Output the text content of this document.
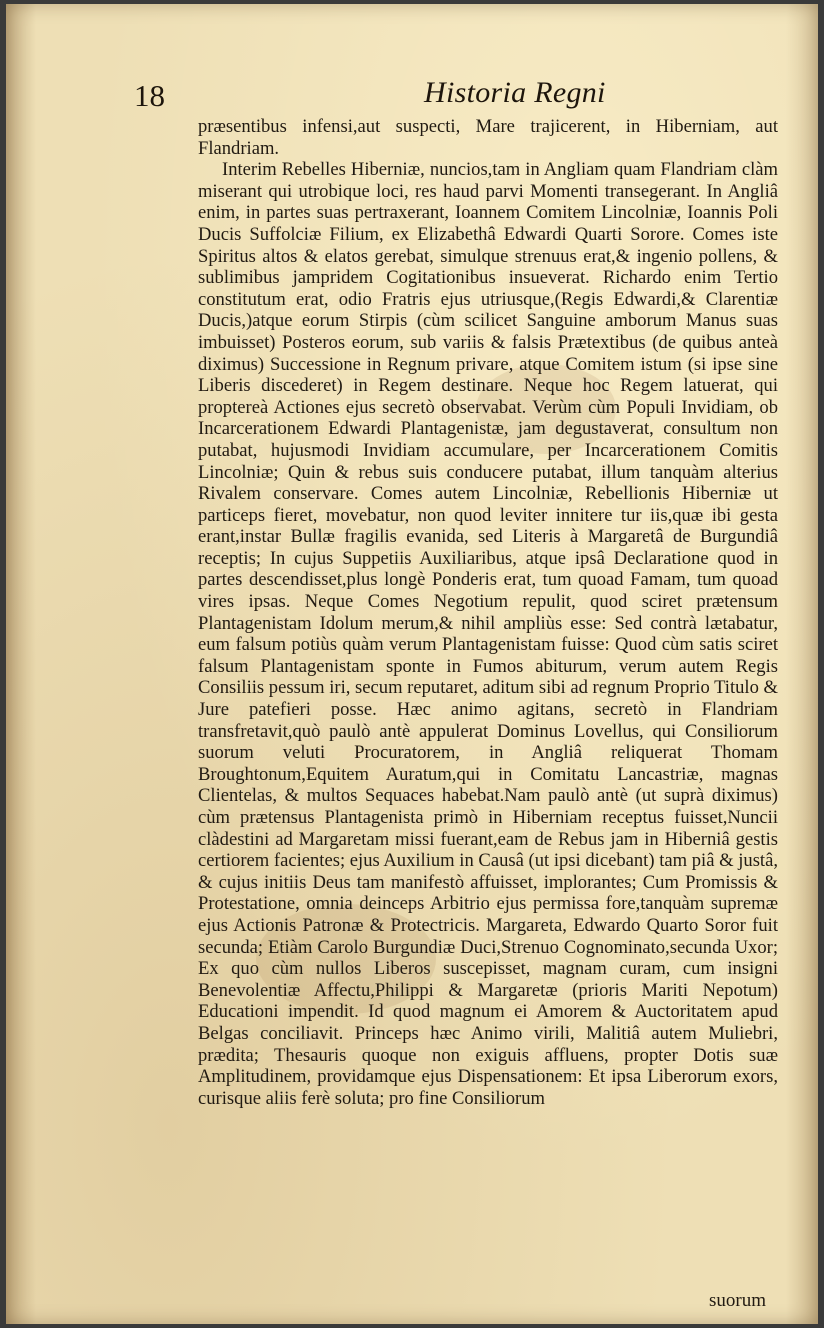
18	Historia Regni

præsentibus infensi,aut suspecti, Mare trajicerent, in Hiberniam, aut Flandriam.

Interim Rebelles Hiberniæ, nuncios,tam in Angliam quam Flandriam clàm miserant qui utrobique loci, res haud parvi Momenti transegerant. In Angliâ enim, in partes suas pertraxerant, Ioannem Comitem Lincolniæ, Ioannis Poli Ducis Suffolciæ Filium, ex Elizabethâ Edwardi Quarti Sorore. Comes iste Spiritus altos & elatos gerebat, simulque strenuus erat,& ingenio pollens, & sublimibus jampridem Cogitationibus insueverat. Richardo enim Tertio constitutum erat, odio Fratris ejus utriusque,(Regis Edwardi,& Clarentiæ Ducis,)atque eorum Stirpis (cùm scilicet Sanguine amborum Manus suas imbuisset) Posteros eorum, sub variis & falsis Prætextibus (de quibus anteà diximus) Successione in Regnum privare, atque Comitem istum (si ipse sine Liberis discederet) in Regem destinare. Neque hoc Regem latuerat, qui proptereà Actiones ejus secretò observabat. Verùm cùm Populi Invidiam, ob Incarcerationem Edwardi Plantagenistæ, jam degustaverat, consultum non putabat, hujusmodi Invidiam accumulare, per Incarcerationem Comitis Lincolniæ; Quin & rebus suis conducere putabat, illum tanquàm alterius Rivalem conservare. Comes autem Lincolniæ, Rebellionis Hiberniæ ut particeps fieret, movebatur, non quod leviter innitere tur iis,quæ ibi gesta erant,instar Bullæ fragilis evanida, sed Literis à Margaretâ de Burgundiâ receptis; In cujus Suppetiis Auxiliaribus, atque ipsâ Declaratione quod in partes descendisset,plus longè Ponderis erat, tum quoad Famam, tum quoad vires ipsas. Neque Comes Negotium repulit, quod sciret prætensum Plantagenistam Idolum merum,& nihil ampliùs esse: Sed contrà lætabatur, eum falsum potiùs quàm verum Plantagenistam fuisse: Quod cùm satis sciret falsum Plantagenistam sponte in Fumos abiturum, verum autem Regis Consiliis pessum iri, secum reputaret, aditum sibi ad regnum Proprio Titulo & Jure patefieri posse. Hæc animo agitans, secretò in Flandriam transfretavit,quò paulò antè appulerat Dominus Lovellus, qui Consiliorum suorum veluti Procuratorem, in Angliâ reliquerat Thomam Broughtonum,Equitem Auratum,qui in Comitatu Lancastriæ, magnas Clientelas, & multos Sequaces habebat.Nam paulò antè (ut suprà diximus) cùm prætensus Plantagenista primò in Hiberniam receptus fuisset,Nuncii clàdestini ad Margaretam missi fuerant,eam de Rebus jam in Hiberniâ gestis certiorem facientes; ejus Auxilium in Causâ (ut ipsi dicebant) tam piâ & justâ, & cujus initiis Deus tam manifestò affuisset, implorantes; Cum Promissis & Protestatione, omnia deinceps Arbitrio ejus permissa fore,tanquàm supremæ ejus Actionis Patronæ & Protectricis. Margareta, Edwardo Quarto Soror fuit secunda; Etiàm Carolo Burgundiæ Duci,Strenuo Cognominato,secunda Uxor; Ex quo cùm nullos Liberos suscepisset, magnam curam, cum insigni Benevolentiæ Affectu,Philippi & Margaretæ (prioris Mariti Nepotum) Educationi impendit. Id quod magnum ei Amorem & Auctoritatem apud Belgas conciliavit. Princeps hæc Animo virili, Malitiâ autem Muliebri, prædita; Thesauris quoque non exiguis affluens, propter Dotis suæ Amplitudinem, providamque ejus Dispensationem: Et ipsa Liberorum exors, curisque aliis ferè soluta; pro fine Consiliorum

suorum
